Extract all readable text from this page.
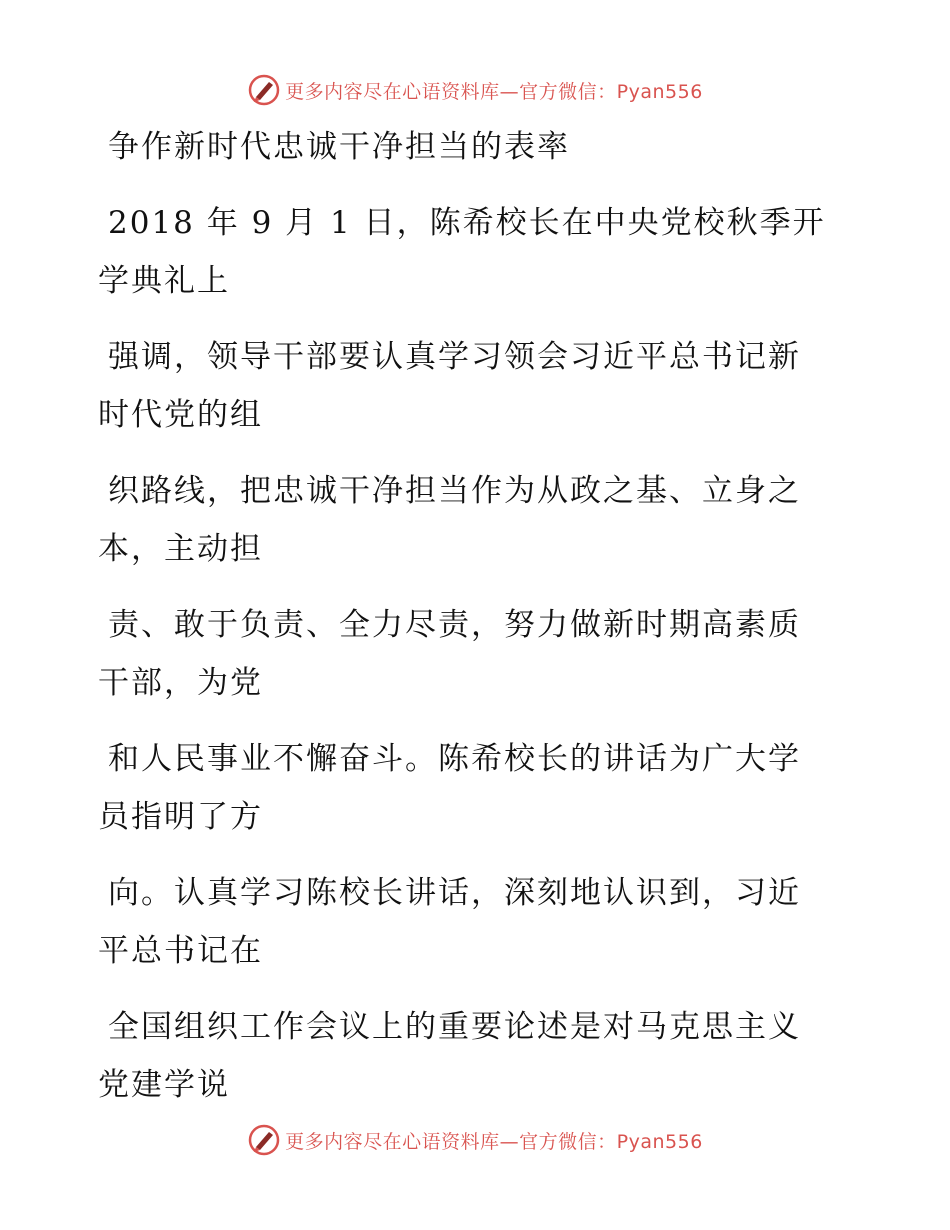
更多内容尽在心语资料库—官方微信：Pyan556
争作新时代忠诚干净担当的表率
2018 年 9 月 1 日，陈希校长在中央党校秋季开
学典礼上
强调，领导干部要认真学习领会习近平总书记新
时代党的组
织路线，把忠诚干净担当作为从政之基、立身之
本，主动担
责、敢于负责、全力尽责，努力做新时期高素质
干部，为党
和人民事业不懈奋斗。陈希校长的讲话为广大学
员指明了方
向。认真学习陈校长讲话，深刻地认识到，习近
平总书记在
全国组织工作会议上的重要论述是对马克思主义
党建学说
更多内容尽在心语资料库—官方微信：Pyan556
